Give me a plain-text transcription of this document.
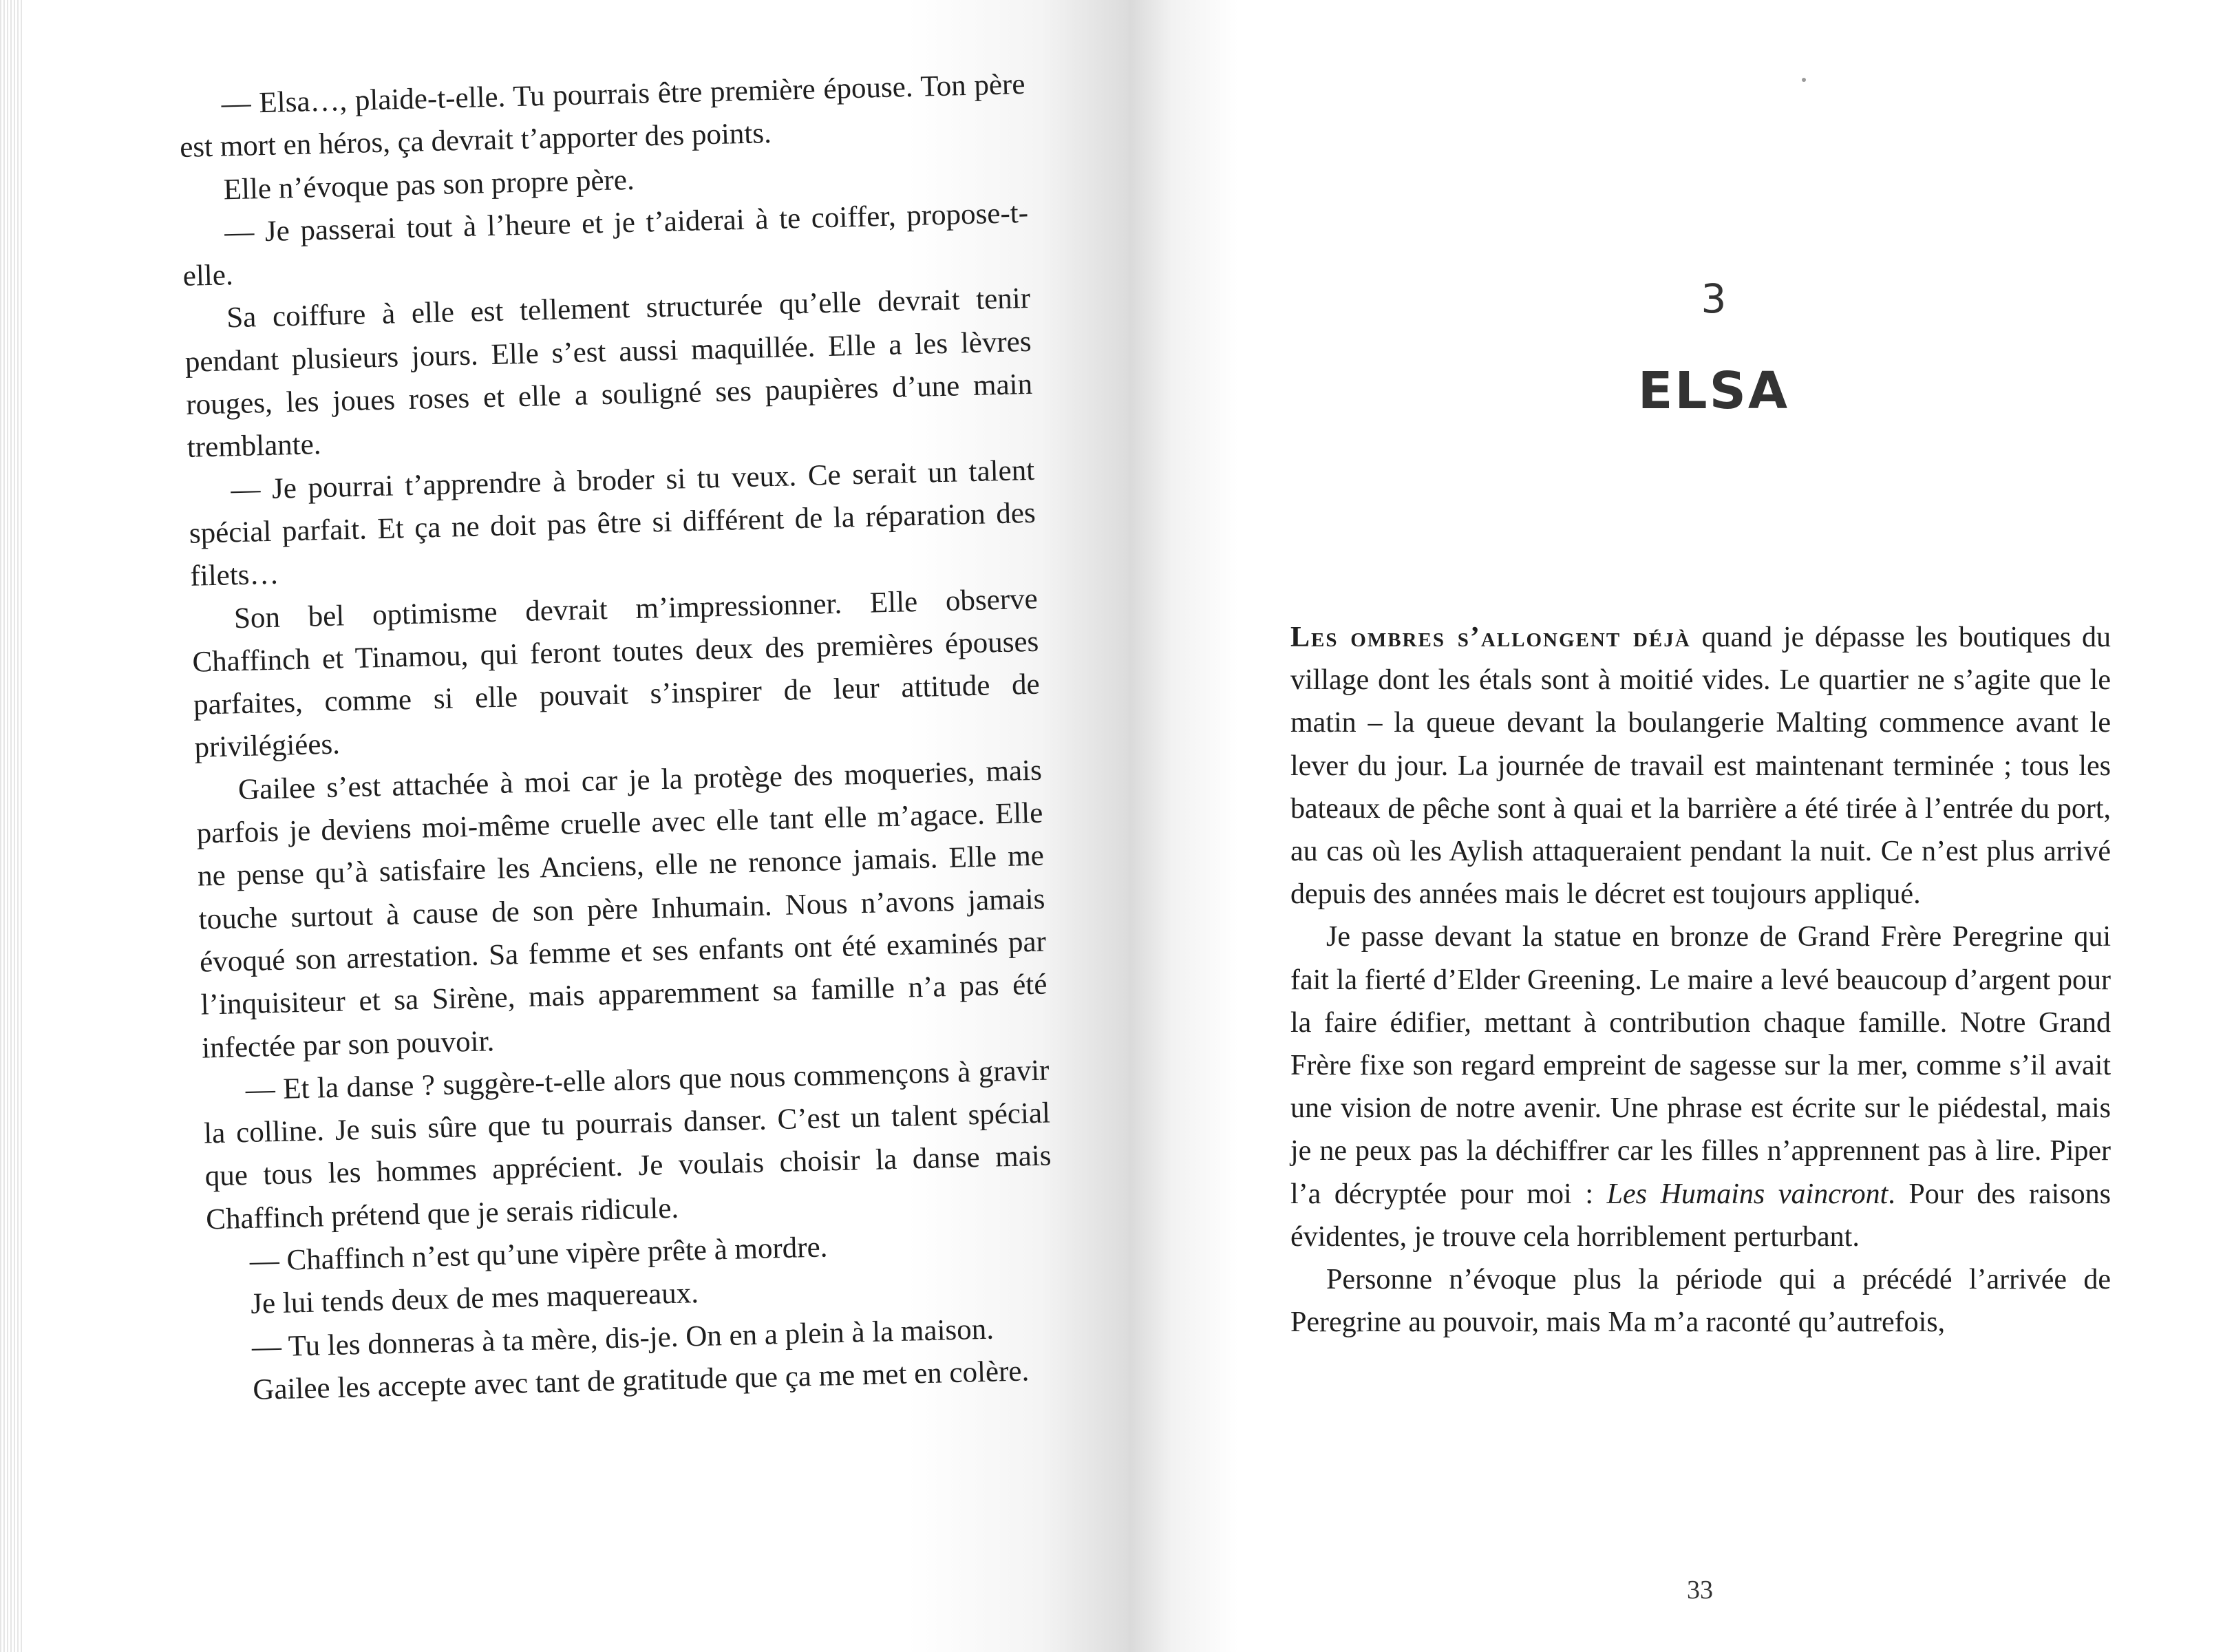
— Elsa…, plaide-t-elle. Tu pourrais être première épouse. Ton père est mort en héros, ça devrait t’apporter des points.

Elle n’évoque pas son propre père.

— Je passerai tout à l’heure et je t’aiderai à te coiffer, propose-t-elle.

Sa coiffure à elle est tellement structurée qu’elle devrait tenir pendant plusieurs jours. Elle s’est aussi maquillée. Elle a les lèvres rouges, les joues roses et elle a souligné ses paupières d’une main tremblante.

— Je pourrai t’apprendre à broder si tu veux. Ce serait un talent spécial parfait. Et ça ne doit pas être si différent de la réparation des filets…

Son bel optimisme devrait m’impressionner. Elle observe Chaffinch et Tinamou, qui feront toutes deux des premières épouses parfaites, comme si elle pouvait s’inspirer de leur attitude de privilégiées.

Gailee s’est attachée à moi car je la protège des moqueries, mais parfois je deviens moi-même cruelle avec elle tant elle m’agace. Elle ne pense qu’à satisfaire les Anciens, elle ne renonce jamais. Elle me touche surtout à cause de son père Inhumain. Nous n’avons jamais évoqué son arrestation. Sa femme et ses enfants ont été examinés par l’inquisiteur et sa Sirène, mais apparemment sa famille n’a pas été infectée par son pouvoir.

— Et la danse ? suggère-t-elle alors que nous commençons à gravir la colline. Je suis sûre que tu pourrais danser. C’est un talent spécial que tous les hommes apprécient. Je voulais choisir la danse mais Chaffinch prétend que je serais ridicule.

— Chaffinch n’est qu’une vipère prête à mordre.

Je lui tends deux de mes maquereaux.

— Tu les donneras à ta mère, dis-je. On en a plein à la maison.

Gailee les accepte avec tant de gratitude que ça me met en colère.

3
ELSA

Les ombres s’allongent déjà quand je dépasse les boutiques du village dont les étals sont à moitié vides. Le quartier ne s’agite que le matin – la queue devant la boulangerie Malting commence avant le lever du jour. La journée de travail est maintenant terminée ; tous les bateaux de pêche sont à quai et la barrière a été tirée à l’entrée du port, au cas où les Aylish attaqueraient pendant la nuit. Ce n’est plus arrivé depuis des années mais le décret est toujours appliqué.

Je passe devant la statue en bronze de Grand Frère Peregrine qui fait la fierté d’Elder Greening. Le maire a levé beaucoup d’argent pour la faire édifier, mettant à contribution chaque famille. Notre Grand Frère fixe son regard empreint de sagesse sur la mer, comme s’il avait une vision de notre avenir. Une phrase est écrite sur le piédestal, mais je ne peux pas la déchiffrer car les filles n’apprennent pas à lire. Piper l’a décryptée pour moi : Les Humains vaincront. Pour des raisons évidentes, je trouve cela horriblement perturbant.

Personne n’évoque plus la période qui a précédé l’arrivée de Peregrine au pouvoir, mais Ma m’a raconté qu’autrefois,

33
